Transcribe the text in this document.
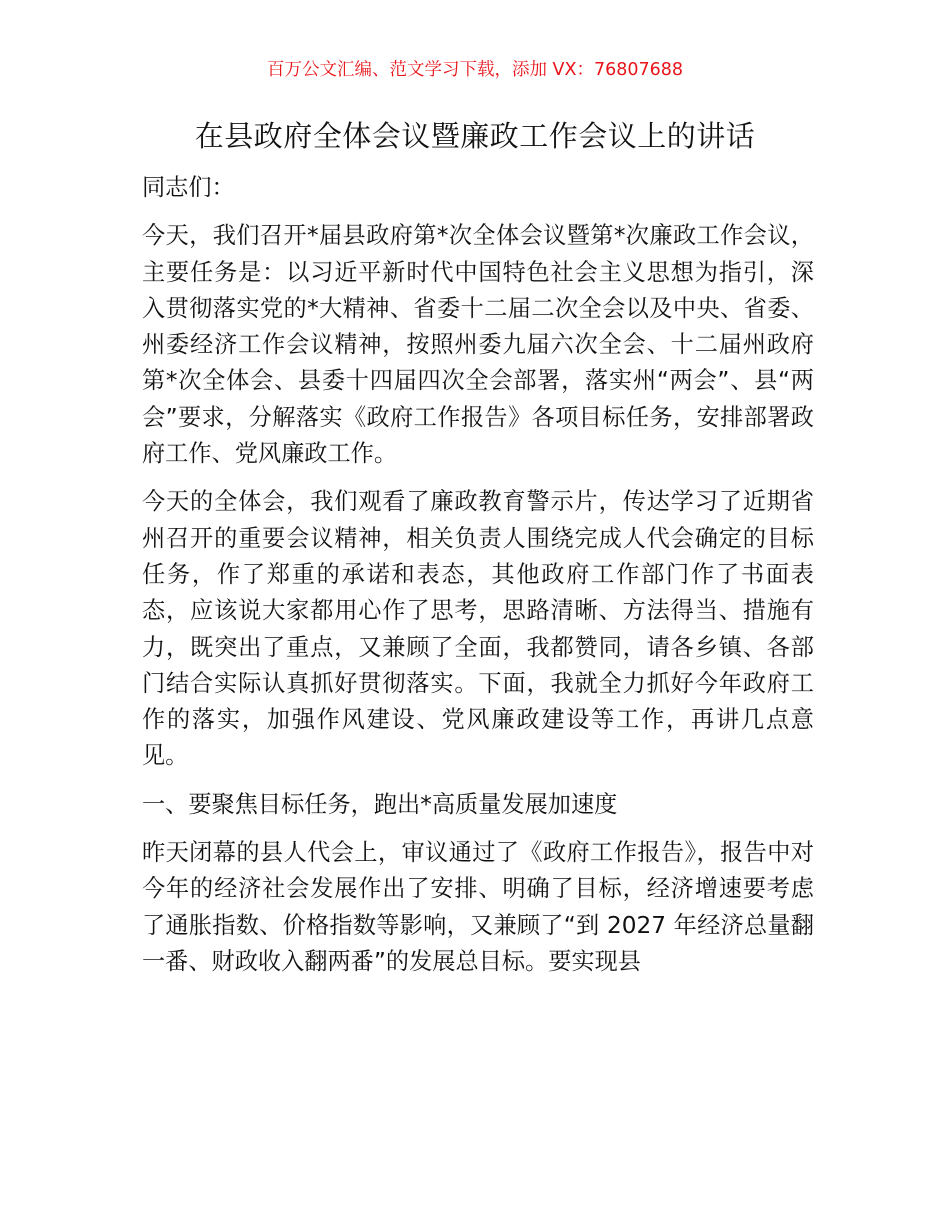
百万公文汇编、范文学习下载，添加 VX：76807688
在县政府全体会议暨廉政工作会议上的讲话

同志们：

今天，我们召开*届县政府第*次全体会议暨第*次廉政工作会议，主要任务是：以习近平新时代中国特色社会主义思想为指引，深入贯彻落实党的*大精神、省委十二届二次全会以及中央、省委、州委经济工作会议精神，按照州委九届六次全会、十二届州政府第*次全体会、县委十四届四次全会部署，落实州“两会”、县“两会”要求，分解落实《政府工作报告》各项目标任务，安排部署政府工作、党风廉政工作。

今天的全体会，我们观看了廉政教育警示片，传达学习了近期省州召开的重要会议精神，相关负责人围绕完成人代会确定的目标任务，作了郑重的承诺和表态，其他政府工作部门作了书面表态，应该说大家都用心作了思考，思路清晰、方法得当、措施有力，既突出了重点，又兼顾了全面，我都赞同，请各乡镇、各部门结合实际认真抓好贯彻落实。下面，我就全力抓好今年政府工作的落实，加强作风建设、党风廉政建设等工作，再讲几点意见。

一、要聚焦目标任务，跑出*高质量发展加速度

昨天闭幕的县人代会上，审议通过了《政府工作报告》，报告中对今年的经济社会发展作出了安排、明确了目标，经济增速要考虑了通胀指数、价格指数等影响，又兼顾了“到 2027 年经济总量翻一番、财政收入翻两番”的发展总目标。要实现县
